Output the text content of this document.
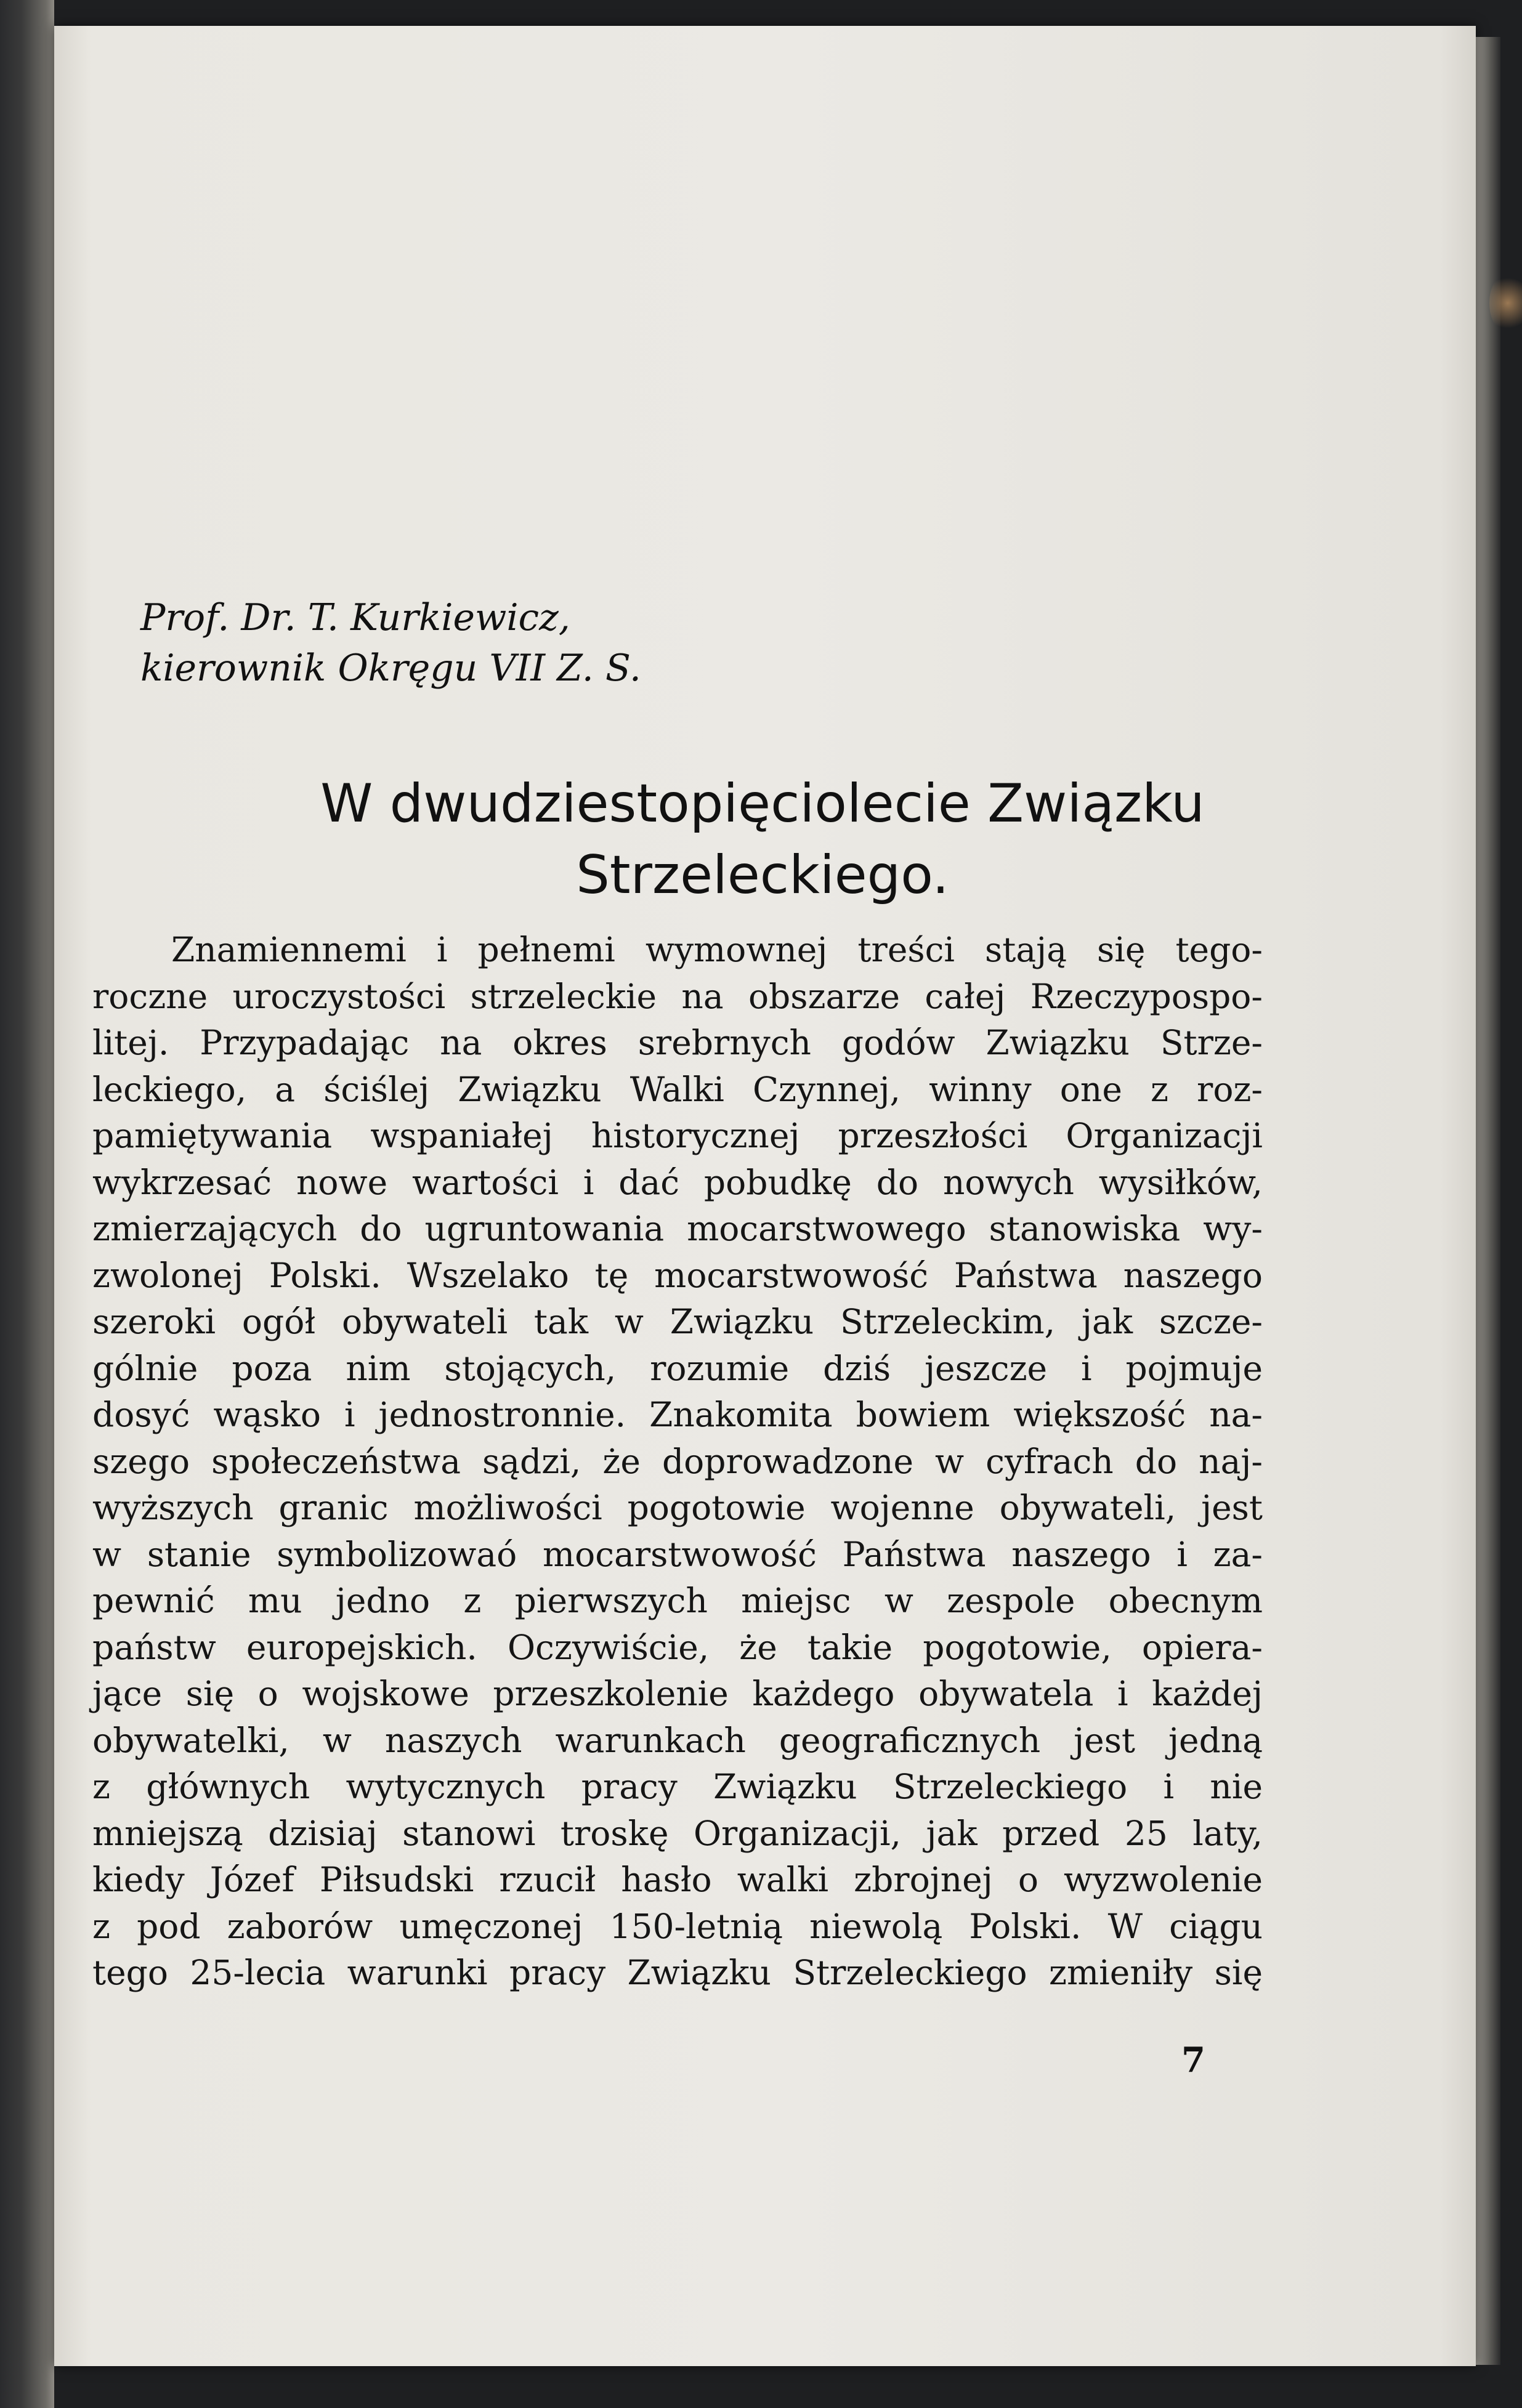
Prof. Dr. T. Kurkiewicz,
kierownik Okręgu VII Z. S.
W dwudziestopięciolecie Związku
Strzeleckiego.
Znamiennemi i pełnemi wymownej treści stają się tego-
roczne uroczystości strzeleckie na obszarze całej Rzeczypospo-
litej. Przypadając na okres srebrnych godów Związku Strze-
leckiego, a ściślej Związku Walki Czynnej, winny one z roz-
pamiętywania wspaniałej historycznej przeszłości Organizacji
wykrzesać nowe wartości i dać pobudkę do nowych wysiłków,
zmierzających do ugruntowania mocarstwowego stanowiska wy-
zwolonej Polski. Wszelako tę mocarstwowość Państwa naszego
szeroki ogół obywateli tak w Związku Strzeleckim, jak szcze-
gólnie poza nim stojących, rozumie dziś jeszcze i pojmuje
dosyć wąsko i jednostronnie. Znakomita bowiem większość na-
szego społeczeństwa sądzi, że doprowadzone w cyfrach do naj-
wyższych granic możliwości pogotowie wojenne obywateli, jest
w stanie symbolizowaó mocarstwowość Państwa naszego i za-
pewnić mu jedno z pierwszych miejsc w zespole obecnym
państw europejskich. Oczywiście, że takie pogotowie, opiera-
jące się o wojskowe przeszkolenie każdego obywatela i każdej
obywatelki, w naszych warunkach geograficznych jest jedną
z głównych wytycznych pracy Związku Strzeleckiego i nie
mniejszą dzisiaj stanowi troskę Organizacji, jak przed 25 laty,
kiedy Józef Piłsudski rzucił hasło walki zbrojnej o wyzwolenie
z pod zaborów umęczonej 150-letnią niewolą Polski. W ciągu
tego 25-lecia warunki pracy Związku Strzeleckiego zmieniły się
7
